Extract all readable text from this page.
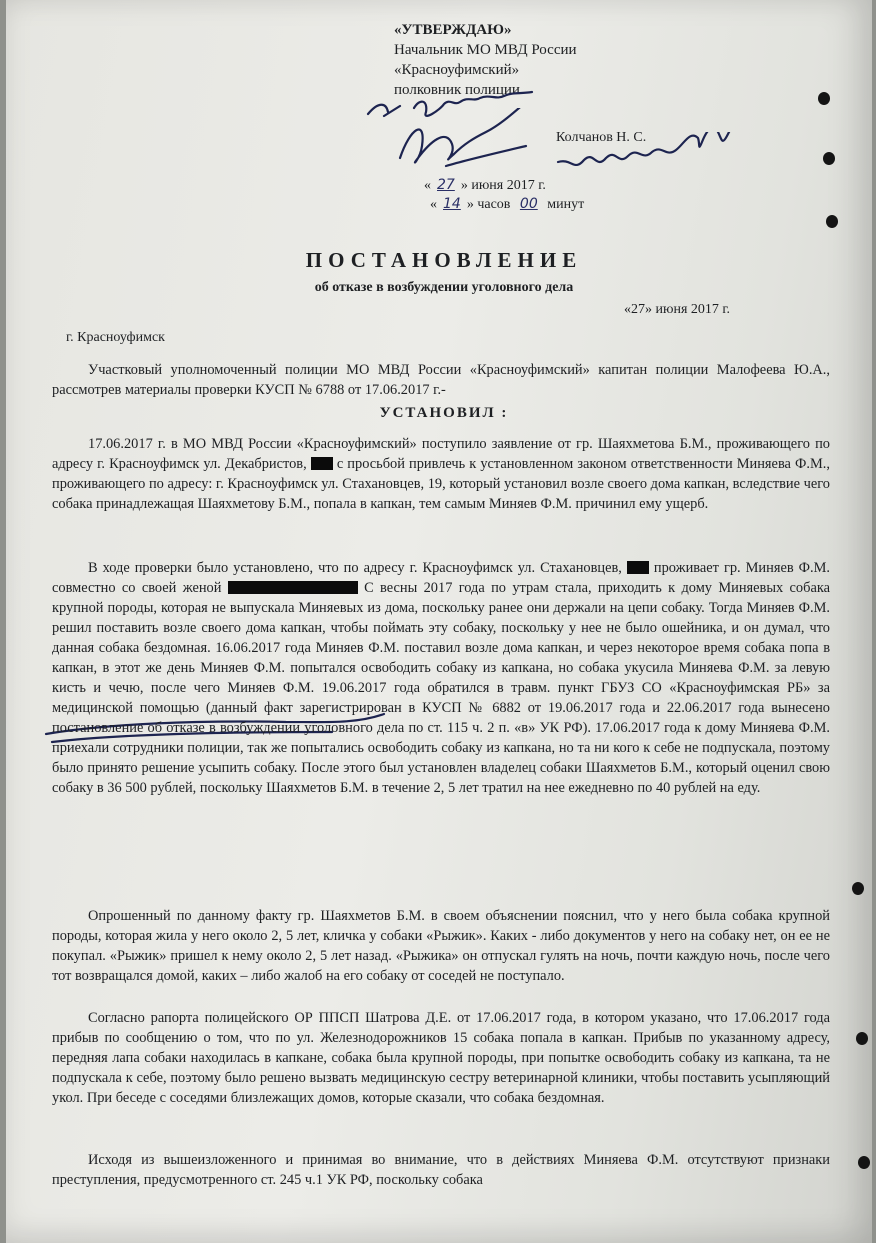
«УТВЕРЖДАЮ»
Начальник МО МВД России
«Красноуфимский»
полковник полиции
Колчанов Н. С.
« 27 » июня 2017 г.
« 14 » часов 00 минут
ПОСТАНОВЛЕНИЕ
об отказе в возбуждении уголовного дела
«27» июня 2017 г.
г. Красноуфимск
Участковый уполномоченный полиции МО МВД России «Красноуфимский» капитан полиции Малофеева Ю.А., рассмотрев материалы проверки КУСП № 6788 от 17.06.2017 г.-
УСТАНОВИЛ :
17.06.2017 г. в МО МВД России «Красноуфимский» поступило заявление от гр. Шаяхметова Б.М., проживающего по адресу г. Красноуфимск ул. Декабристов, с просьбой привлечь к установленном законом ответственности Миняева Ф.М., проживающего по адресу: г. Красноуфимск ул. Стахановцев, 19, который установил возле своего дома капкан, вследствие чего собака принадлежащая Шаяхметову Б.М., попала в капкан, тем самым Миняев Ф.М. причинил ему ущерб.
В ходе проверки было установлено, что по адресу г. Красноуфимск ул. Стахановцев, проживает гр. Миняев Ф.М. совместно со своей женой	С весны 2017 года по утрам стала, приходить к дому Миняевых собака крупной породы, которая не выпускала Миняевых из дома, поскольку ранее они держали на цепи собаку. Тогда Миняев Ф.М. решил поставить возле своего дома капкан, чтобы поймать эту собаку, поскольку у нее не было ошейника, и он думал, что данная собака бездомная. 16.06.2017 года Миняев Ф.М. поставил возле дома капкан, и через некоторое время собака попа в капкан, в этот же день Миняев Ф.М. попытался освободить собаку из капкана, но собака укусила Миняева Ф.М. за левую кисть и чечю, после чего Миняев Ф.М. 19.06.2017 года обратился в травм. пункт ГБУЗ СО «Красноуфимская РБ» за медицинской помощью (данный факт зарегистрирован в КУСП № 6882 от 19.06.2017 года и 22.06.2017 года вынесено постановление об отказе в возбуждении уголовного дела по ст. 115 ч. 2 п. «в» УК РФ). 17.06.2017 года к дому Миняева Ф.М. приехали сотрудники полиции, так же попытались освободить собаку из капкана, но та ни кого к себе не подпускала, поэтому было принято решение усыпить собаку. После этого был установлен владелец собаки Шаяхметов Б.М., который оценил свою собаку в 36 500 рублей, поскольку Шаяхметов Б.М. в течение 2, 5 лет тратил на нее ежедневно по 40 рублей на еду.
Опрошенный по данному факту гр. Шаяхметов Б.М. в своем объяснении пояснил, что у него была собака крупной породы, которая жила у него около 2, 5 лет, кличка у собаки «Рыжик». Каких - либо документов у него на собаку нет, он ее не покупал. «Рыжик» пришел к нему около 2, 5 лет назад. «Рыжика» он отпускал гулять на ночь, почти каждую ночь, после чего тот возвращался домой, каких – либо жалоб на его собаку от соседей не поступало.
Согласно рапорта полицейского ОР ППСП Шатрова Д.Е. от 17.06.2017 года, в котором указано, что 17.06.2017 года прибыв по сообщению о том, что по ул. Железнодорожников 15 собака попала в капкан. Прибыв по указанному адресу, передняя лапа собаки находилась в капкане, собака была крупной породы, при попытке освободить собаку из капкана, та не подпускала к себе, поэтому было решено вызвать медицинскую сестру ветеринарной клиники, чтобы поставить усыпляющий укол. При беседе с соседями близлежащих домов, которые сказали, что собака бездомная.
Исходя из вышеизложенного и принимая во внимание, что в действиях Миняева Ф.М. отсутствуют признаки преступления, предусмотренного ст. 245 ч.1 УК РФ, поскольку собака
